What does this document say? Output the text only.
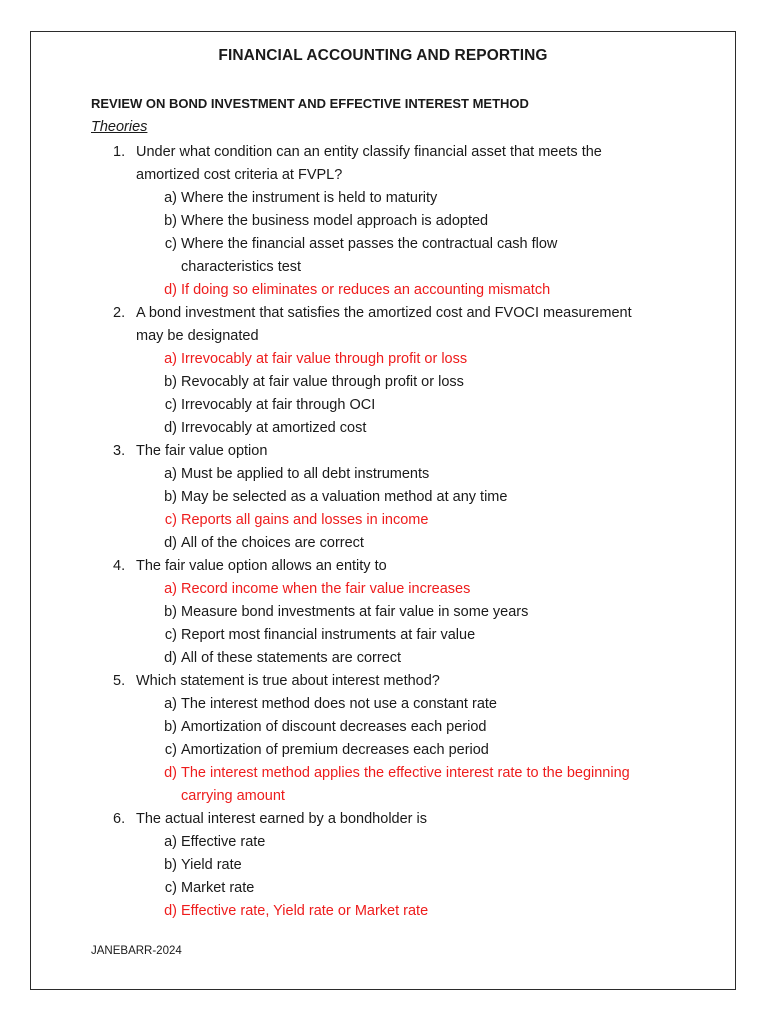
FINANCIAL ACCOUNTING AND REPORTING
REVIEW ON BOND INVESTMENT AND EFFECTIVE INTEREST METHOD
Theories
1. Under what condition can an entity classify financial asset that meets the
amortized cost criteria at FVPL?
a) Where the instrument is held to maturity
b) Where the business model approach is adopted
c) Where the financial asset passes the contractual cash flow
characteristics test
d) If doing so eliminates or reduces an accounting mismatch
2. A bond investment that satisfies the amortized cost and FVOCI measurement
may be designated
a) Irrevocably at fair value through profit or loss
b) Revocably at fair value through profit or loss
c) Irrevocably at fair through OCI
d) Irrevocably at amortized cost
3. The fair value option
a) Must be applied to all debt instruments
b) May be selected as a valuation method at any time
c) Reports all gains and losses in income
d) All of the choices are correct
4. The fair value option allows an entity to
a) Record income when the fair value increases
b) Measure bond investments at fair value in some years
c) Report most financial instruments at fair value
d) All of these statements are correct
5. Which statement is true about interest method?
a) The interest method does not use a constant rate
b) Amortization of discount decreases each period
c) Amortization of premium decreases each period
d) The interest method applies the effective interest rate to the beginning
carrying amount
6. The actual interest earned by a bondholder is
a) Effective rate
b) Yield rate
c) Market rate
d) Effective rate, Yield rate or Market rate
JANEBARR-2024
